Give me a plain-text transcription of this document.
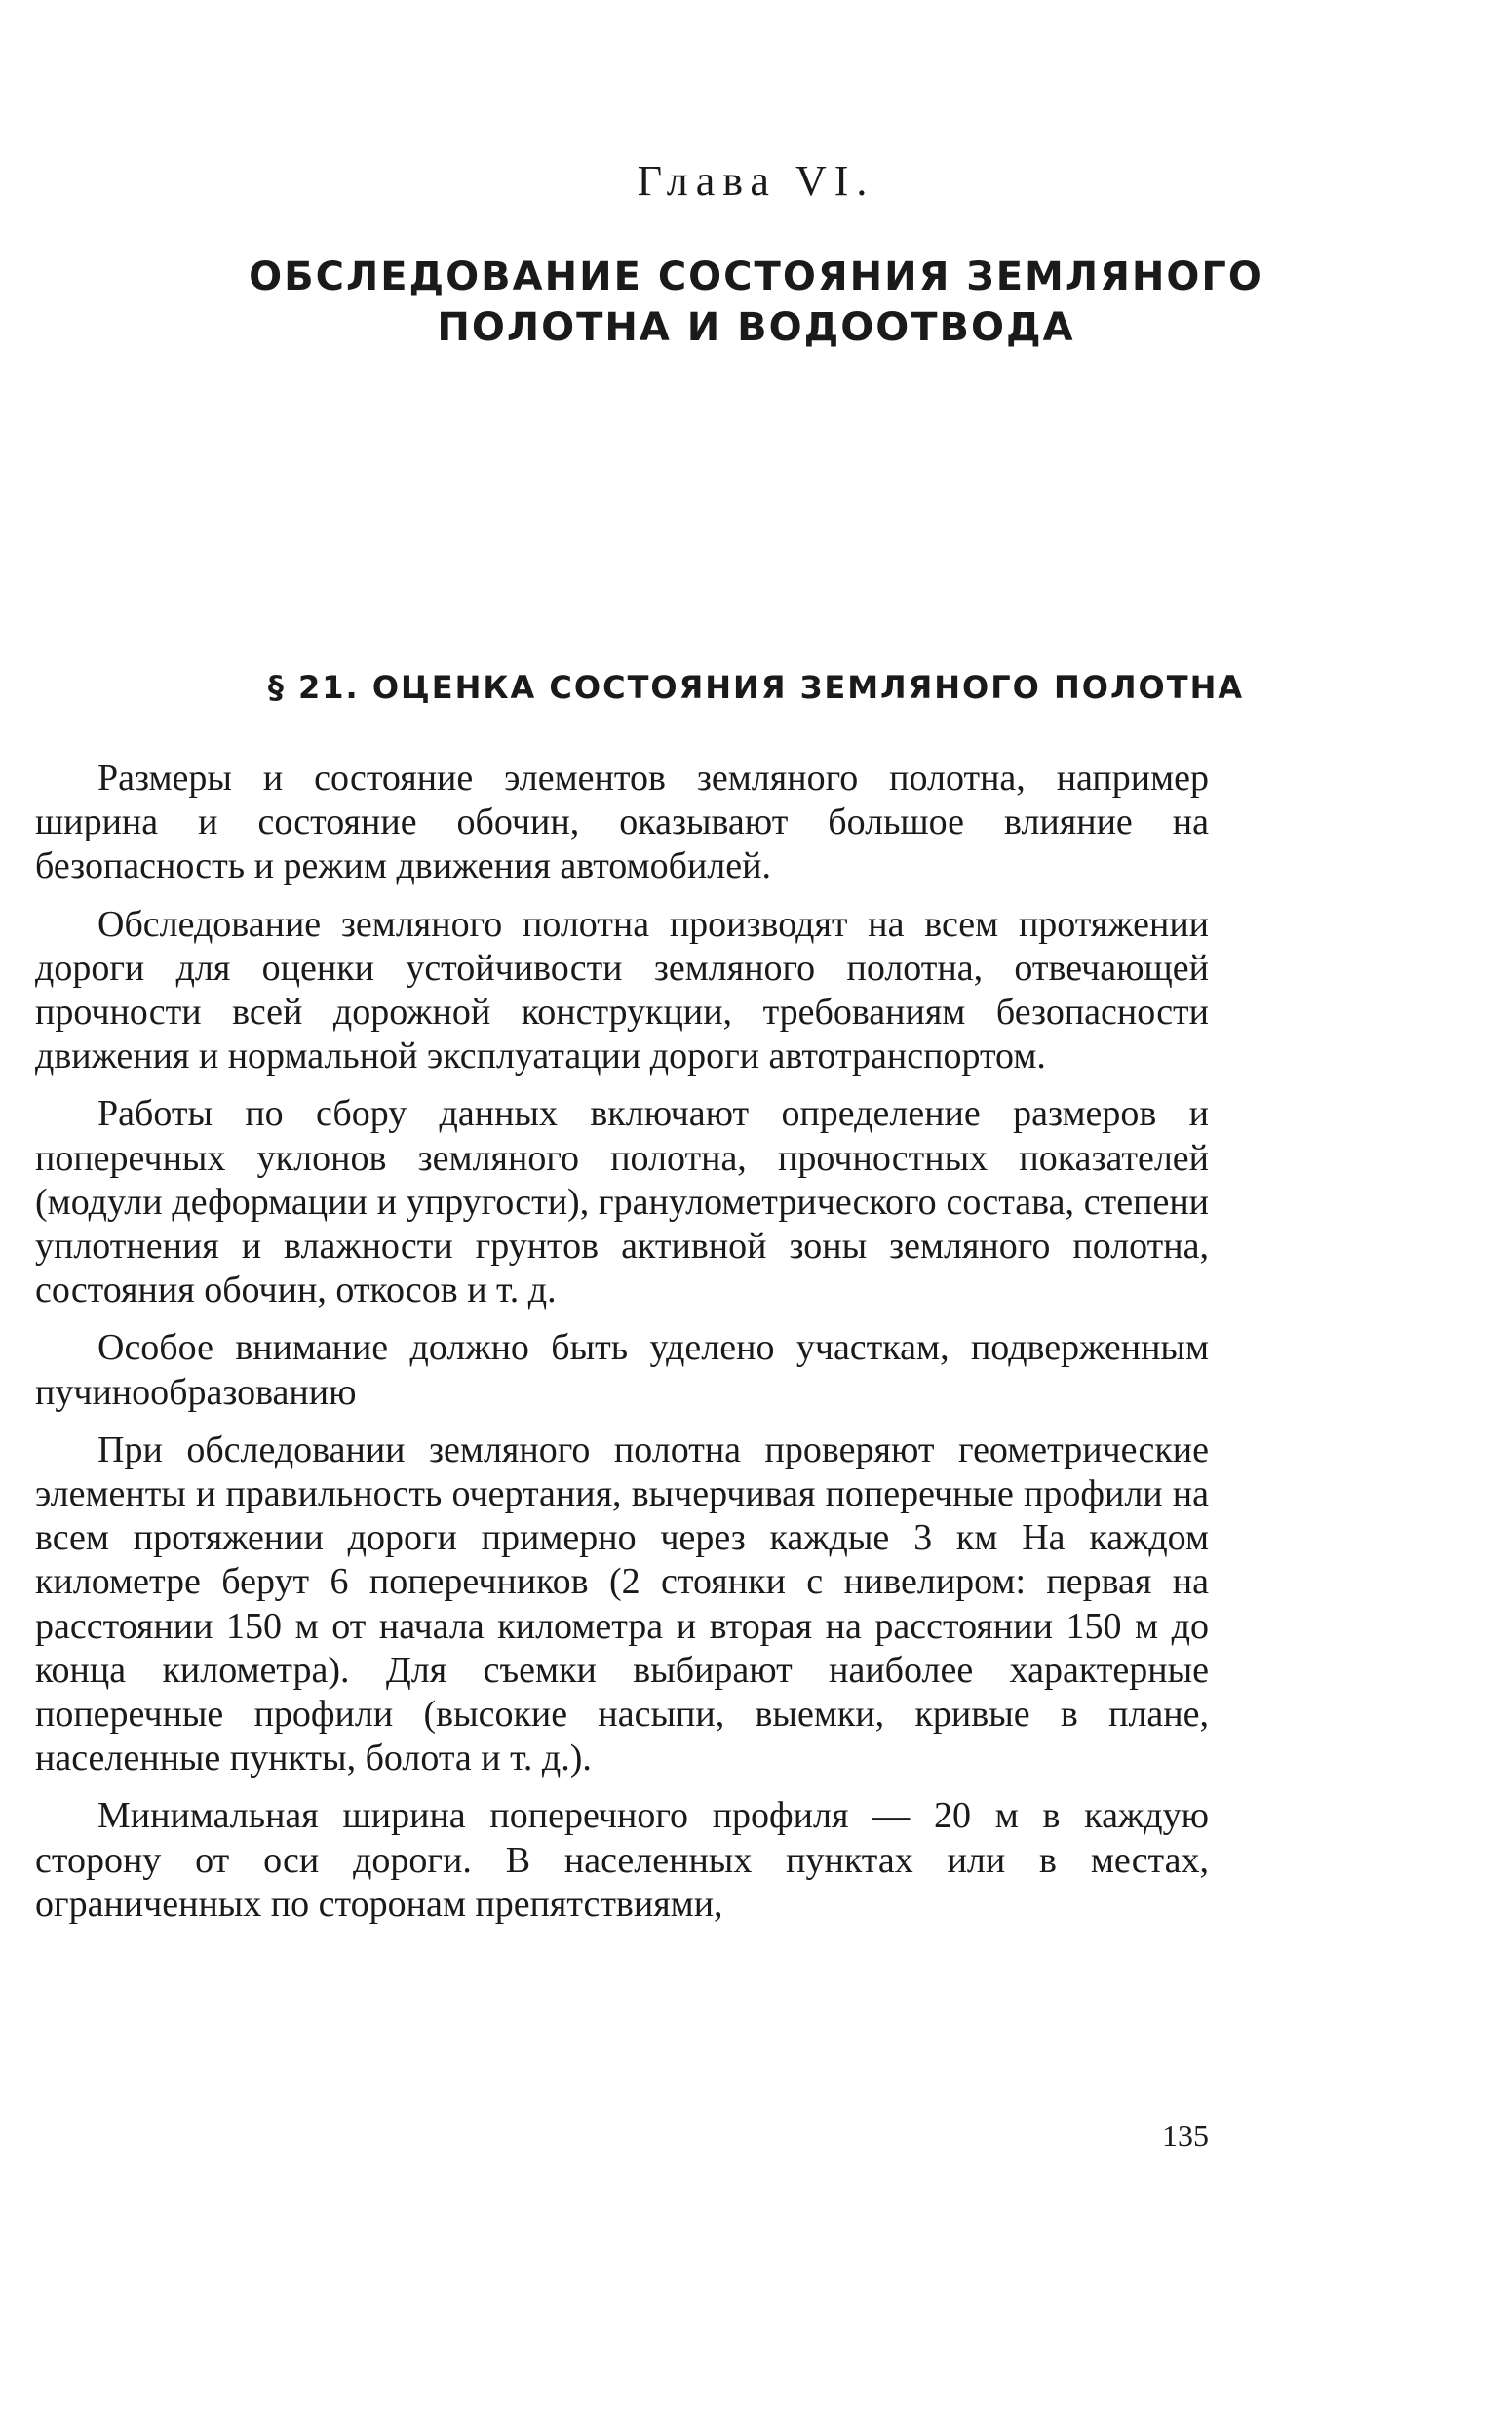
Глава VI.
ОБСЛЕДОВАНИЕ СОСТОЯНИЯ ЗЕМЛЯНОГО
ПОЛОТНА И ВОДООТВОДА
§ 21. ОЦЕНКА СОСТОЯНИЯ ЗЕМЛЯНОГО ПОЛОТНА

Размеры и состояние элементов земляного полотна, например ширина и состояние обочин, оказывают большое влияние на безопасность и режим движения автомобилей.

Обследование земляного полотна производят на всем протяжении дороги для оценки устойчивости земляного полотна, отвечающей прочности всей дорожной конструкции, требованиям безопасности движения и нормальной эксплуатации дороги автотранспортом.

Работы по сбору данных включают определение размеров и поперечных уклонов земляного полотна, прочностных показателей (модули деформации и упругости), гранулометрического состава, степени уплотнения и влажности грунтов активной зоны земляного полотна, состояния обочин, откосов и т. д.

Особое внимание должно быть уделено участкам, подверженным пучинообразованию

При обследовании земляного полотна проверяют геометрические элементы и правильность очертания, вычерчивая поперечные профили на всем протяжении дороги примерно через каждые 3 км На каждом километре берут 6 поперечников (2 стоянки с нивелиром: первая на расстоянии 150 м от начала километра и вторая на расстоянии 150 м до конца километра). Для съемки выбирают наиболее характерные поперечные профили (высокие насыпи, выемки, кривые в плане, населенные пункты, болота и т. д.).

Минимальная ширина поперечного профиля — 20 м в каждую сторону от оси дороги. В населенных пунктах или в местах, ограниченных по сторонам препятствиями,

135
